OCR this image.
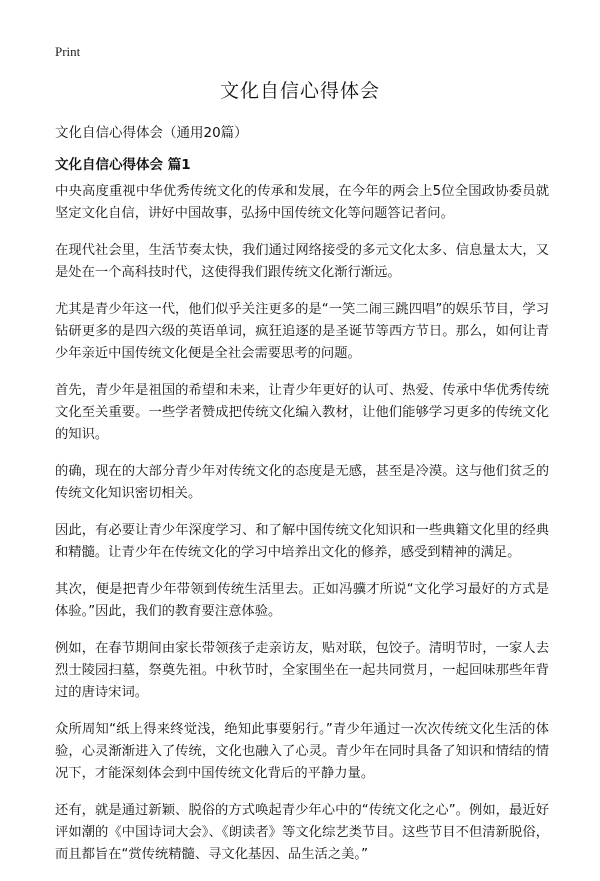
Print
文化自信心得体会

文化自信心得体会（通用20篇）

文化自信心得体会 篇1

中央高度重视中华优秀传统文化的传承和发展，在今年的两会上5位全国政协委员就坚定文化自信，讲好中国故事，弘扬中国传统文化等问题答记者问。

在现代社会里，生活节奏太快，我们通过网络接受的多元文化太多、信息量太大，又是处在一个高科技时代，这使得我们跟传统文化渐行渐远。

尤其是青少年这一代，他们似乎关注更多的是“一笑二闹三跳四唱”的娱乐节目，学习钻研更多的是四六级的英语单词，疯狂追逐的是圣诞节等西方节日。那么，如何让青少年亲近中国传统文化便是全社会需要思考的问题。

首先，青少年是祖国的希望和未来，让青少年更好的认可、热爱、传承中华优秀传统文化至关重要。一些学者赞成把传统文化编入教材，让他们能够学习更多的传统文化的知识。

的确，现在的大部分青少年对传统文化的态度是无感，甚至是冷漠。这与他们贫乏的传统文化知识密切相关。

因此，有必要让青少年深度学习、和了解中国传统文化知识和一些典籍文化里的经典和精髓。让青少年在传统文化的学习中培养出文化的修养，感受到精神的满足。

其次，便是把青少年带领到传统生活里去。正如冯骥才所说“文化学习最好的方式是体验。”因此，我们的教育要注意体验。

例如，在春节期间由家长带领孩子走亲访友，贴对联，包饺子。清明节时，一家人去烈士陵园扫墓，祭奠先祖。中秋节时，全家围坐在一起共同赏月，一起回味那些年背过的唐诗宋词。

众所周知“纸上得来终觉浅，绝知此事要躬行。”青少年通过一次次传统文化生活的体验，心灵渐渐进入了传统，文化也融入了心灵。青少年在同时具备了知识和情结的情况下，才能深刻体会到中国传统文化背后的平静力量。

还有，就是通过新颖、脱俗的方式唤起青少年心中的“传统文化之心”。例如，最近好评如潮的《中国诗词大会》、《朗读者》等文化综艺类节目。这些节目不但清新脱俗，而且都旨在“赏传统精髓、寻文化基因、品生活之美。”
